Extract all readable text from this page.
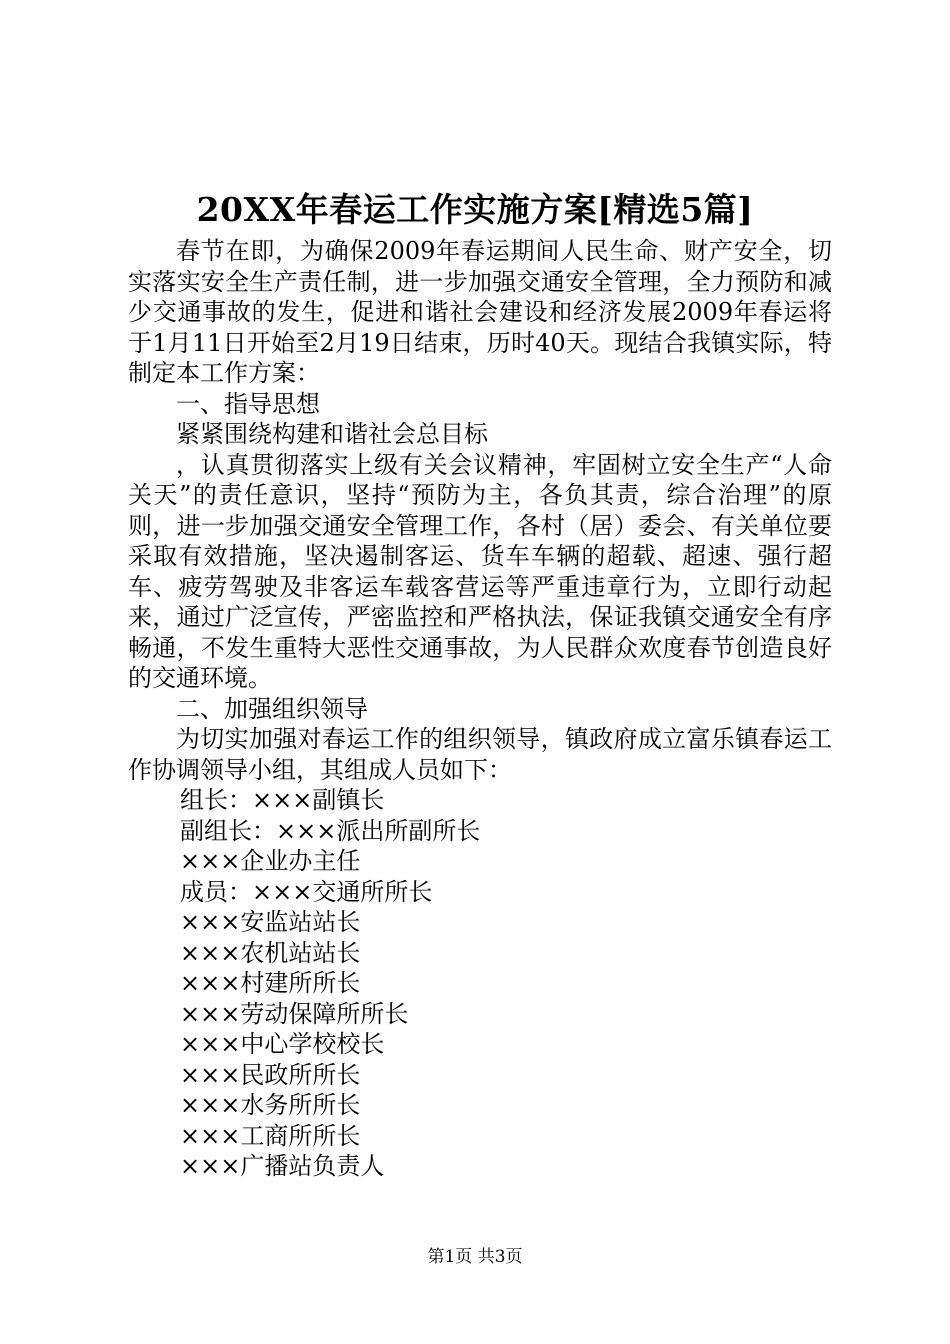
20XX年春运工作实施方案[精选5篇]

春节在即，为确保2009年春运期间人民生命、财产安全，切实落实安全生产责任制，进一步加强交通安全管理，全力预防和减少交通事故的发生，促进和谐社会建设和经济发展2009年春运将于1月11日开始至2月19日结束，历时40天。现结合我镇实际，特制定本工作方案：

一、指导思想

紧紧围绕构建和谐社会总目标

，认真贯彻落实上级有关会议精神，牢固树立安全生产“人命关天”的责任意识，坚持“预防为主，各负其责，综合治理”的原则，进一步加强交通安全管理工作，各村（居）委会、有关单位要采取有效措施，坚决遏制客运、货车车辆的超载、超速、强行超车、疲劳驾驶及非客运车载客营运等严重违章行为，立即行动起来，通过广泛宣传，严密监控和严格执法，保证我镇交通安全有序畅通，不发生重特大恶性交通事故，为人民群众欢度春节创造良好的交通环境。

二、加强组织领导

为切实加强对春运工作的组织领导，镇政府成立富乐镇春运工作协调领导小组，其组成人员如下：

组长：×××副镇长

副组长：×××派出所副所长

×××企业办主任

成员：×××交通所所长

×××安监站站长

×××农机站站长

×××村建所所长

×××劳动保障所所长

×××中心学校校长

×××民政所所长

×××水务所所长

×××工商所所长

×××广播站负责人

第1页 共3页
